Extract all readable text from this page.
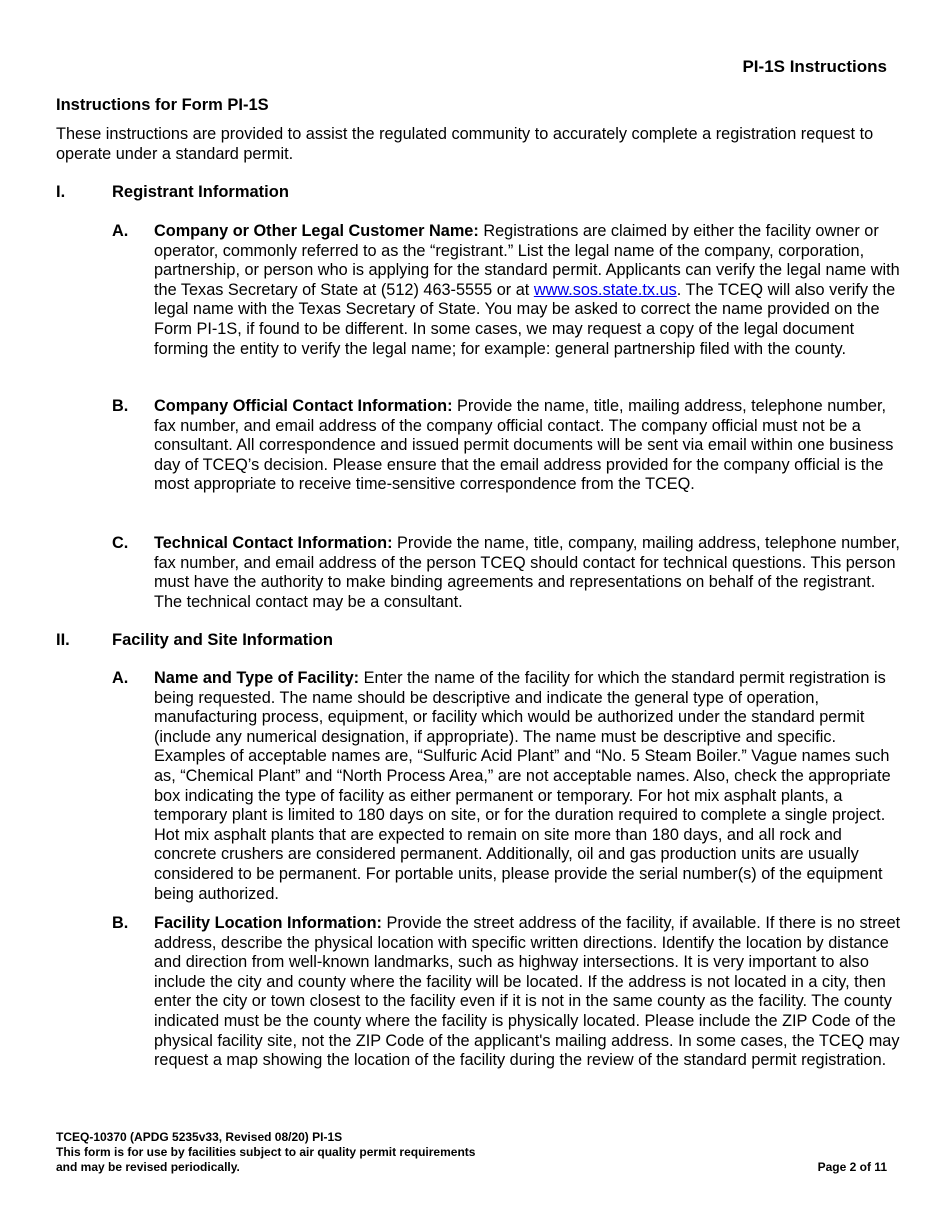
PI-1S Instructions
Instructions for Form PI-1S
These instructions are provided to assist the regulated community to accurately complete a registration request to operate under a standard permit.
I.	Registrant Information
A. Company or Other Legal Customer Name: Registrations are claimed by either the facility owner or operator, commonly referred to as the “registrant.” List the legal name of the company, corporation, partnership, or person who is applying for the standard permit. Applicants can verify the legal name with the Texas Secretary of State at (512) 463-5555 or at www.sos.state.tx.us. The TCEQ will also verify the legal name with the Texas Secretary of State. You may be asked to correct the name provided on the Form PI-1S, if found to be different. In some cases, we may request a copy of the legal document forming the entity to verify the legal name; for example: general partnership filed with the county.
B. Company Official Contact Information: Provide the name, title, mailing address, telephone number, fax number, and email address of the company official contact. The company official must not be a consultant. All correspondence and issued permit documents will be sent via email within one business day of TCEQ’s decision. Please ensure that the email address provided for the company official is the most appropriate to receive time-sensitive correspondence from the TCEQ.
C. Technical Contact Information: Provide the name, title, company, mailing address, telephone number, fax number, and email address of the person TCEQ should contact for technical questions. This person must have the authority to make binding agreements and representations on behalf of the registrant. The technical contact may be a consultant.
II.	Facility and Site Information
A. Name and Type of Facility: Enter the name of the facility for which the standard permit registration is being requested. The name should be descriptive and indicate the general type of operation, manufacturing process, equipment, or facility which would be authorized under the standard permit (include any numerical designation, if appropriate). The name must be descriptive and specific. Examples of acceptable names are, “Sulfuric Acid Plant” and “No. 5 Steam Boiler.” Vague names such as, “Chemical Plant” and “North Process Area,” are not acceptable names. Also, check the appropriate box indicating the type of facility as either permanent or temporary. For hot mix asphalt plants, a temporary plant is limited to 180 days on site, or for the duration required to complete a single project. Hot mix asphalt plants that are expected to remain on site more than 180 days, and all rock and concrete crushers are considered permanent. Additionally, oil and gas production units are usually considered to be permanent. For portable units, please provide the serial number(s) of the equipment being authorized.
B. Facility Location Information: Provide the street address of the facility, if available. If there is no street address, describe the physical location with specific written directions. Identify the location by distance and direction from well-known landmarks, such as highway intersections. It is very important to also include the city and county where the facility will be located. If the address is not located in a city, then enter the city or town closest to the facility even if it is not in the same county as the facility. The county indicated must be the county where the facility is physically located. Please include the ZIP Code of the physical facility site, not the ZIP Code of the applicant's mailing address. In some cases, the TCEQ may request a map showing the location of the facility during the review of the standard permit registration.
TCEQ-10370 (APDG 5235v33, Revised 08/20) PI-1S
This form is for use by facilities subject to air quality permit requirements
and may be revised periodically.	Page 2 of 11
